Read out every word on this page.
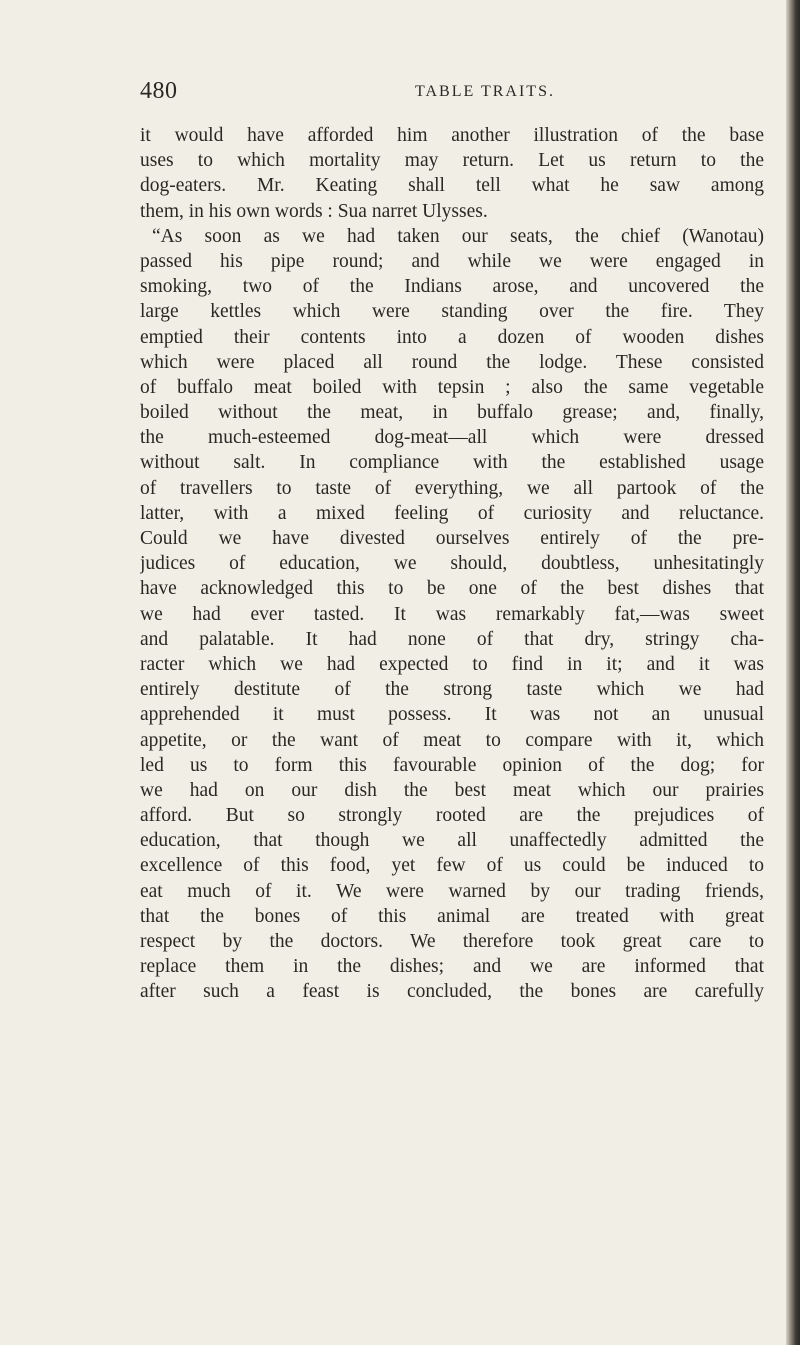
480	TABLE TRAITS.
it would have afforded him another illustration of the base
uses to which mortality may return. Let us return to the
dog-eaters. Mr. Keating shall tell what he saw among
them, in his own words : Sua narret Ulysses.
“As soon as we had taken our seats, the chief (Wanotau)
passed his pipe round; and while we were engaged in
smoking, two of the Indians arose, and uncovered the
large kettles which were standing over the fire. They
emptied their contents into a dozen of wooden dishes
which were placed all round the lodge. These consisted
of buffalo meat boiled with tepsin ; also the same vegetable
boiled without the meat, in buffalo grease; and, finally,
the much-esteemed dog-meat—all which were dressed
without salt. In compliance with the established usage
of travellers to taste of everything, we all partook of the
latter, with a mixed feeling of curiosity and reluctance.
Could we have divested ourselves entirely of the pre-
judices of education, we should, doubtless, unhesitatingly
have acknowledged this to be one of the best dishes that
we had ever tasted. It was remarkably fat,—was sweet
and palatable. It had none of that dry, stringy cha-
racter which we had expected to find in it; and it was
entirely destitute of the strong taste which we had
apprehended it must possess. It was not an unusual
appetite, or the want of meat to compare with it, which
led us to form this favourable opinion of the dog; for
we had on our dish the best meat which our prairies
afford. But so strongly rooted are the prejudices of
education, that though we all unaffectedly admitted the
excellence of this food, yet few of us could be induced to
eat much of it. We were warned by our trading friends,
that the bones of this animal are treated with great
respect by the doctors. We therefore took great care to
replace them in the dishes; and we are informed that
after such a feast is concluded, the bones are carefully
